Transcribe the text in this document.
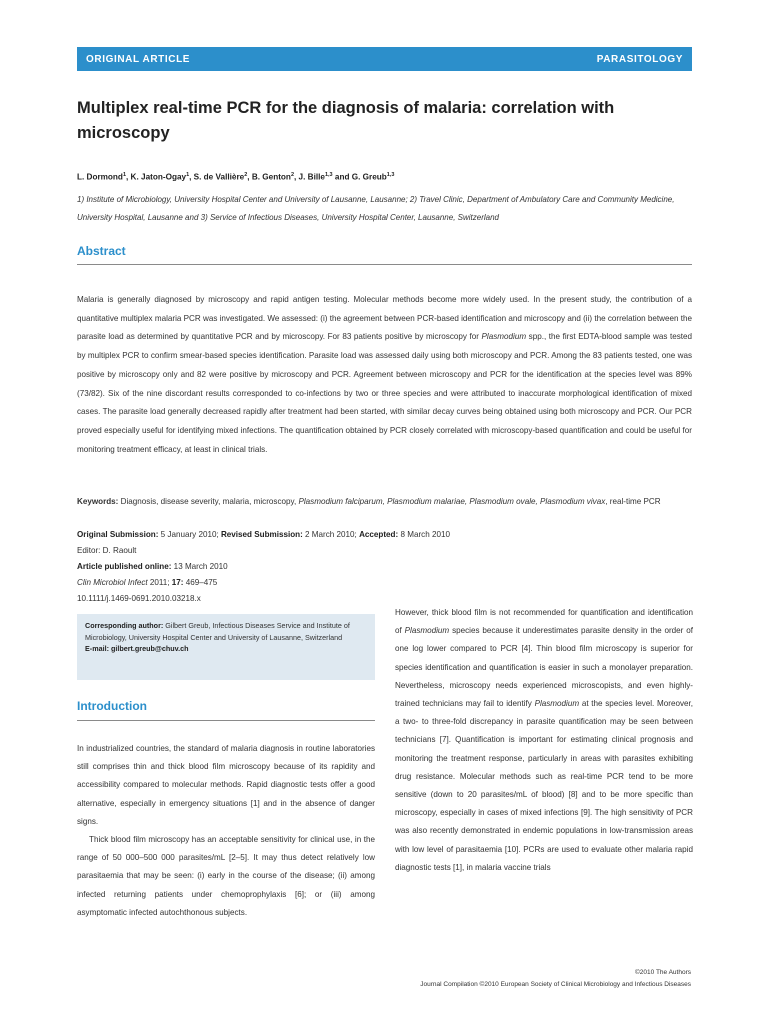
ORIGINAL ARTICLE	PARASITOLOGY
Multiplex real-time PCR for the diagnosis of malaria: correlation with microscopy
L. Dormond$^1$, K. Jaton-Ogay$^1$, S. de Vallière$^2$, B. Genton$^2$, J. Bille$^{1,3}$ and G. Greub$^{1,3}$
1) Institute of Microbiology, University Hospital Center and University of Lausanne, Lausanne; 2) Travel Clinic, Department of Ambulatory Care and Community Medicine, University Hospital, Lausanne and 3) Service of Infectious Diseases, University Hospital Center, Lausanne, Switzerland
Abstract

Malaria is generally diagnosed by microscopy and rapid antigen testing. Molecular methods become more widely used. In the present study, the contribution of a quantitative multiplex malaria PCR was investigated. We assessed: (i) the agreement between PCR-based identification and microscopy and (ii) the correlation between the parasite load as determined by quantitative PCR and by microscopy. For 83 patients positive by microscopy for Plasmodium spp., the first EDTA-blood sample was tested by multiplex PCR to confirm smear-based species identification. Parasite load was assessed daily using both microscopy and PCR. Among the 83 patients tested, one was positive by microscopy only and 82 were positive by microscopy and PCR. Agreement between microscopy and PCR for the identification at the species level was 89% (73/82). Six of the nine discordant results corresponded to co-infections by two or three species and were attributed to inaccurate morphological identification of mixed cases. The parasite load generally decreased rapidly after treatment had been started, with similar decay curves being obtained using both microscopy and PCR. Our PCR proved especially useful for identifying mixed infections. The quantification obtained by PCR closely correlated with microscopy-based quantification and could be useful for monitoring treatment efficacy, at least in clinical trials.

Keywords: Diagnosis, disease severity, malaria, microscopy, Plasmodium falciparum, Plasmodium malariae, Plasmodium ovale, Plasmodium vivax, real-time PCR
Original Submission: 5 January 2010; Revised Submission: 2 March 2010; Accepted: 8 March 2010
Editor: D. Raoult
Article published online: 13 March 2010
Clin Microbiol Infect 2011; 17: 469–475
10.1111/j.1469-0691.2010.03218.x
Corresponding author: Gilbert Greub, Infectious Diseases Service and Institute of Microbiology, University Hospital Center and University of Lausanne, Switzerland
E-mail: gilbert.greub@chuv.ch
Introduction

In industrialized countries, the standard of malaria diagnosis in routine laboratories still comprises thin and thick blood film microscopy because of its rapidity and accessibility compared to molecular methods. Rapid diagnostic tests offer a good alternative, especially in emergency situations [1] and in the absence of danger signs.

Thick blood film microscopy has an acceptable sensitivity for clinical use, in the range of 50 000–500 000 parasites/mL [2–5]. It may thus detect relatively low parasitaemia that may be seen: (i) early in the course of the disease; (ii) among infected returning patients under chemoprophylaxis [6]; or (iii) among asymptomatic infected autochthonous subjects.

However, thick blood film is not recommended for quantification and identification of Plasmodium species because it underestimates parasite density in the order of one log lower compared to PCR [4]. Thin blood film microscopy is superior for species identification and quantification is easier in such a monolayer preparation. Nevertheless, microscopy needs experienced microscopists, and even highly-trained technicians may fail to identify Plasmodium at the species level. Moreover, a two- to three-fold discrepancy in parasite quantification may be seen between technicians [7]. Quantification is important for estimating clinical prognosis and monitoring the treatment response, particularly in areas with parasites exhibiting drug resistance. Molecular methods such as real-time PCR tend to be more sensitive (down to 20 parasites/mL of blood) [8] and to be more specific than microscopy, especially in cases of mixed infections [9]. The high sensitivity of PCR was also recently demonstrated in endemic populations in low-transmission areas with low level of parasitaemia [10]. PCRs are used to evaluate other malaria rapid diagnostic tests [1], in malaria vaccine trials

©2010 The Authors
Journal Compilation ©2010 European Society of Clinical Microbiology and Infectious Diseases
